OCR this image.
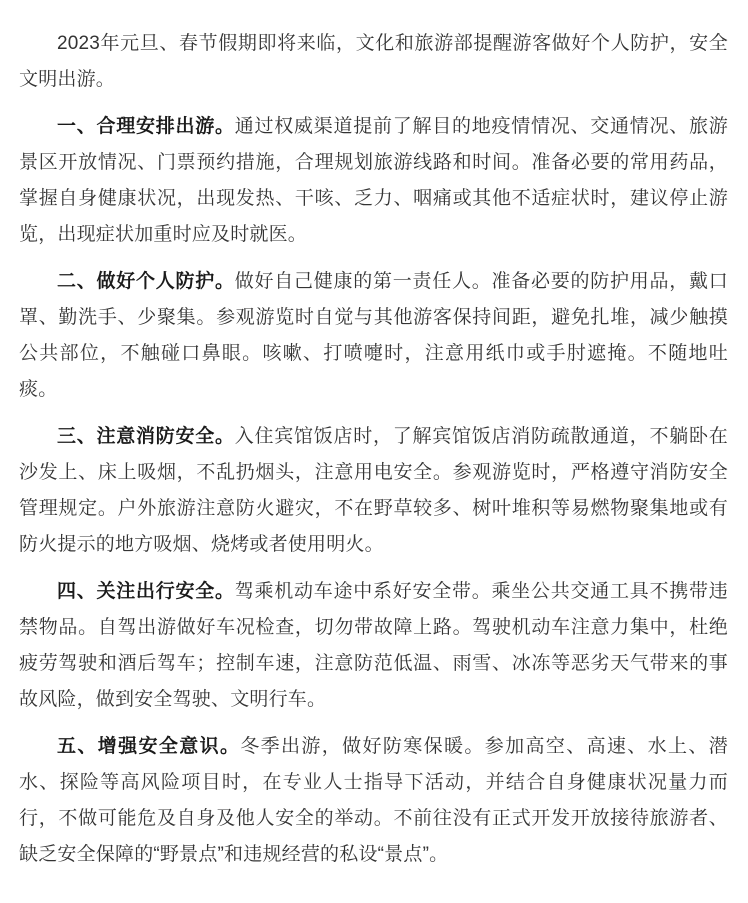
2023年元旦、春节假期即将来临，文化和旅游部提醒游客做好个人防护，安全文明出游。

一、合理安排出游。通过权威渠道提前了解目的地疫情情况、交通情况、旅游景区开放情况、门票预约措施，合理规划旅游线路和时间。准备必要的常用药品，掌握自身健康状况，出现发热、干咳、乏力、咽痛或其他不适症状时，建议停止游览，出现症状加重时应及时就医。

二、做好个人防护。做好自己健康的第一责任人。准备必要的防护用品，戴口罩、勤洗手、少聚集。参观游览时自觉与其他游客保持间距，避免扎堆，减少触摸公共部位，不触碰口鼻眼。咳嗽、打喷嚏时，注意用纸巾或手肘遮掩。不随地吐痰。

三、注意消防安全。入住宾馆饭店时，了解宾馆饭店消防疏散通道，不躺卧在沙发上、床上吸烟，不乱扔烟头，注意用电安全。参观游览时，严格遵守消防安全管理规定。户外旅游注意防火避灾，不在野草较多、树叶堆积等易燃物聚集地或有防火提示的地方吸烟、烧烤或者使用明火。

四、关注出行安全。驾乘机动车途中系好安全带。乘坐公共交通工具不携带违禁物品。自驾出游做好车况检查，切勿带故障上路。驾驶机动车注意力集中，杜绝疲劳驾驶和酒后驾车；控制车速，注意防范低温、雨雪、冰冻等恶劣天气带来的事故风险，做到安全驾驶、文明行车。

五、增强安全意识。冬季出游，做好防寒保暖。参加高空、高速、水上、潜水、探险等高风险项目时，在专业人士指导下活动，并结合自身健康状况量力而行，不做可能危及自身及他人安全的举动。不前往没有正式开发开放接待旅游者、缺乏安全保障的“野景点”和违规经营的私设“景点”。
